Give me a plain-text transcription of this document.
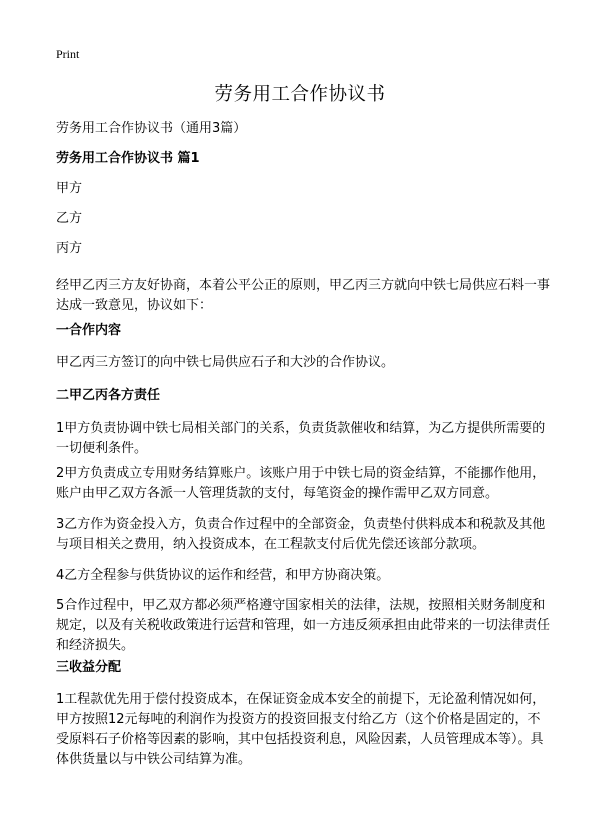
Print
劳务用工合作协议书
劳务用工合作协议书（通用3篇）
劳务用工合作协议书 篇1
甲方
乙方
丙方

经甲乙丙三方友好协商，本着公平公正的原则，甲乙丙三方就向中铁七局供应石料一事达成一致意见，协议如下：

一合作内容

甲乙丙三方签订的向中铁七局供应石子和大沙的合作协议。

二甲乙丙各方责任

1甲方负责协调中铁七局相关部门的关系，负责货款催收和结算，为乙方提供所需要的一切便利条件。

2甲方负责成立专用财务结算账户。该账户用于中铁七局的资金结算，不能挪作他用，账户由甲乙双方各派一人管理货款的支付，每笔资金的操作需甲乙双方同意。

3乙方作为资金投入方，负责合作过程中的全部资金，负责垫付供料成本和税款及其他与项目相关之费用，纳入投资成本，在工程款支付后优先偿还该部分款项。

4乙方全程参与供货协议的运作和经营，和甲方协商决策。

5合作过程中，甲乙双方都必须严格遵守国家相关的法律，法规，按照相关财务制度和规定，以及有关税收政策进行运营和管理，如一方违反须承担由此带来的一切法律责任和经济损失。

三收益分配

1工程款优先用于偿付投资成本，在保证资金成本安全的前提下，无论盈利情况如何，甲方按照12元每吨的利润作为投资方的投资回报支付给乙方（这个价格是固定的，不受原料石子价格等因素的影响，其中包括投资利息，风险因素，人员管理成本等）。具体供货量以与中铁公司结算为准。
